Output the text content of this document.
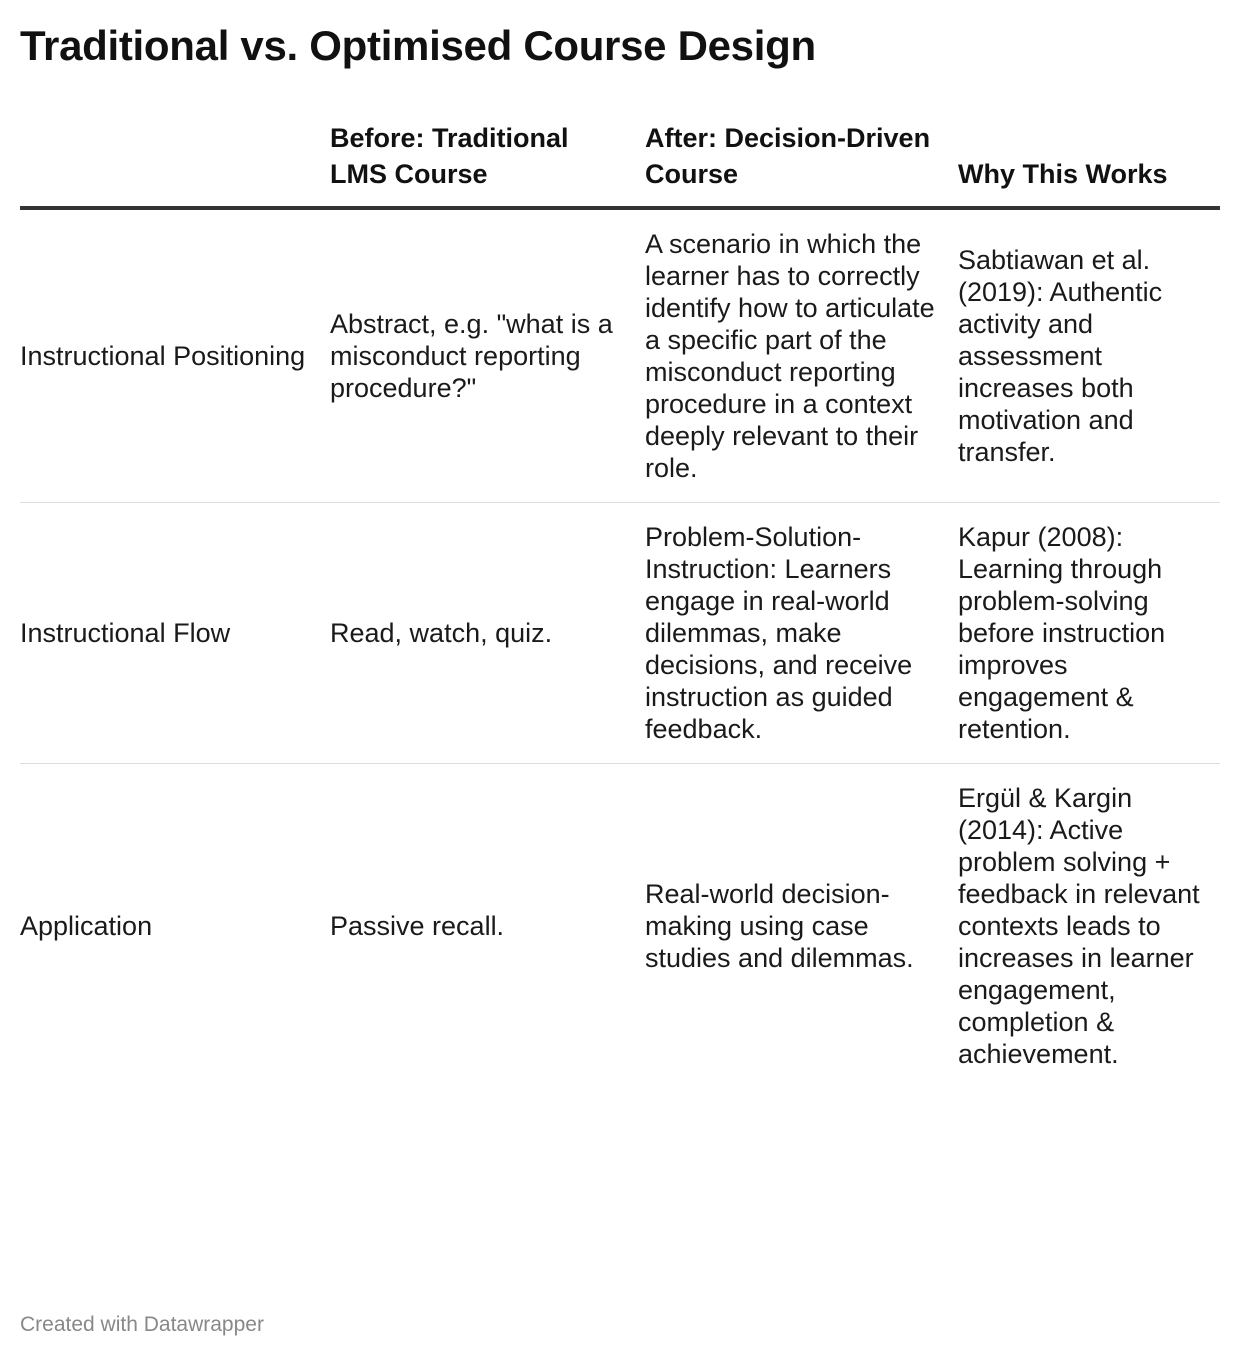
Traditional vs. Optimised Course Design
	Before: Traditional LMS Course	After: Decision-Driven Course	Why This Works
Instructional Positioning	Abstract, e.g. "what is a misconduct reporting procedure?"	A scenario in which the learner has to correctly identify how to articulate a specific part of the misconduct reporting procedure in a context deeply relevant to their role.	Sabtiawan et al. (2019): Authentic activity and assessment increases both motivation and transfer.
Instructional Flow	Read, watch, quiz.	Problem-Solution-Instruction: Learners engage in real-world dilemmas, make decisions, and receive instruction as guided feedback.	Kapur (2008): Learning through problem-solving before instruction improves engagement & retention.
Application	Passive recall.	Real-world decision-making using case studies and dilemmas.	Ergül & Kargin (2014): Active problem solving + feedback in relevant contexts leads to increases in learner engagement, completion & achievement.
Created with Datawrapper
